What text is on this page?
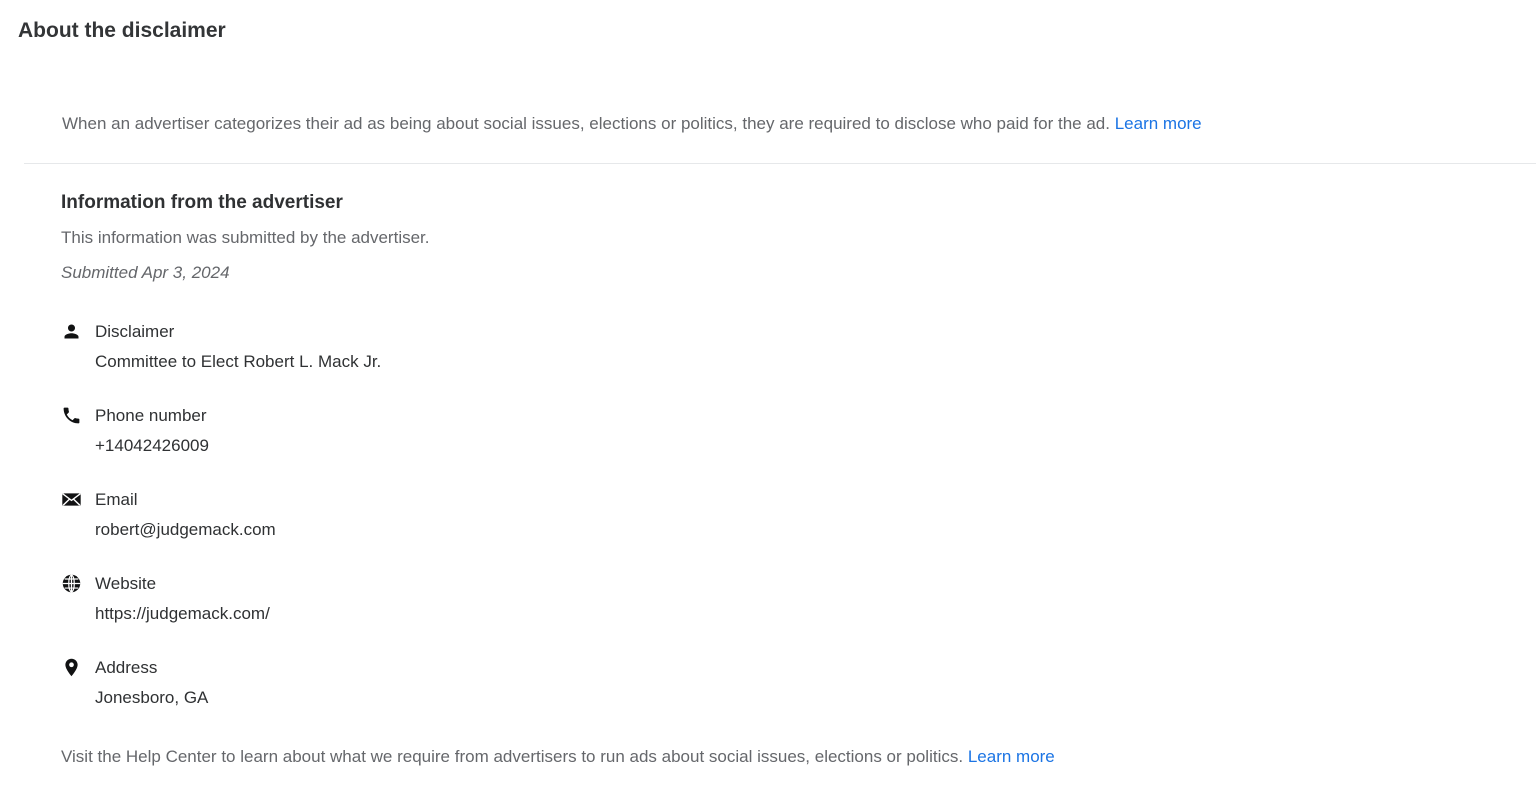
About the disclaimer

When an advertiser categorizes their ad as being about social issues, elections or politics, they are required to disclose who paid for the ad. Learn more

Information from the advertiser
This information was submitted by the advertiser.
Submitted Apr 3, 2024
Disclaimer
Committee to Elect Robert L. Mack Jr.
Phone number
+14042426009
Email
robert@judgemack.com
Website
https://judgemack.com/
Address
Jonesboro, GA

Visit the Help Center to learn about what we require from advertisers to run ads about social issues, elections or politics. Learn more
